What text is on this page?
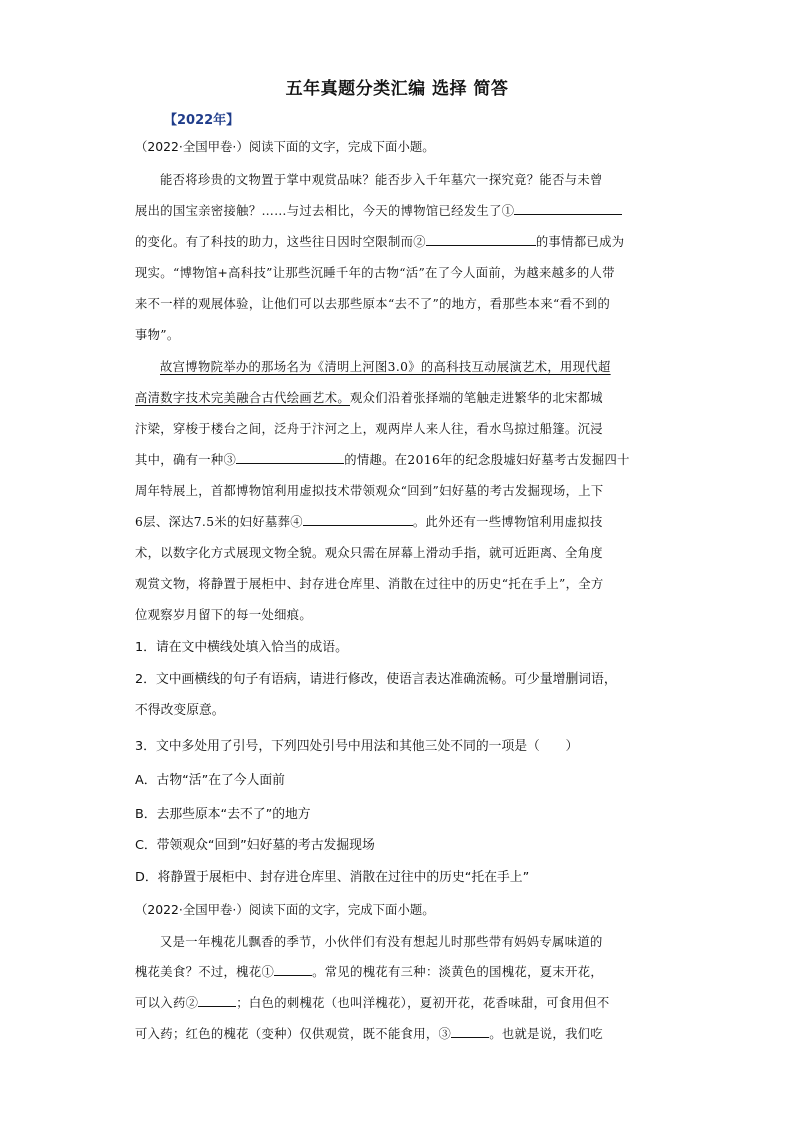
五年真题分类汇编 选择 简答
【2022年】
（2022·全国甲卷·）阅读下面的文字，完成下面小题。
能否将珍贵的文物置于掌中观赏品味？能否步入千年墓穴一探究竟？能否与未曾
展出的国宝亲密接触？……与过去相比，今天的博物馆已经发生了①
的变化。有了科技的助力，这些往日因时空限制而②	的事情都已成为
现实。“博物馆+高科技”让那些沉睡千年的古物“活”在了今人面前，为越来越多的人带
来不一样的观展体验，让他们可以去那些原本“去不了”的地方，看那些本来“看不到的
事物”。
故宫博物院举办的那场名为《清明上河图3.0》的高科技互动展演艺术，用现代超
高清数字技术完美融合古代绘画艺术。观众们沿着张择端的笔触走进繁华的北宋都城
汴梁，穿梭于楼台之间，泛舟于汴河之上，观两岸人来人往，看水鸟掠过船篷。沉浸
其中，确有一种③	的情趣。在2016年的纪念殷墟妇好墓考古发掘四十
周年特展上，首都博物馆利用虚拟技术带领观众“回到”妇好墓的考古发掘现场，上下
6层、深达7.5米的妇好墓葬④	。此外还有一些博物馆利用虚拟技
术，以数字化方式展现文物全貌。观众只需在屏幕上滑动手指，就可近距离、全角度
观赏文物，将静置于展柜中、封存进仓库里、消散在过往中的历史“托在手上”，全方
位观察岁月留下的每一处细痕。
1．请在文中横线处填入恰当的成语。
2．文中画横线的句子有语病，请进行修改，使语言表达准确流畅。可少量增删词语，
不得改变原意。
3．文中多处用了引号，下列四处引号中用法和其他三处不同的一项是（　　）
A．古物“活”在了今人面前
B．去那些原本“去不了”的地方
C．带领观众“回到”妇好墓的考古发掘现场
D．将静置于展柜中、封存进仓库里、消散在过往中的历史“托在手上”
（2022·全国甲卷·）阅读下面的文字，完成下面小题。
又是一年槐花儿飘香的季节，小伙伴们有没有想起儿时那些带有妈妈专属味道的
槐花美食？不过，槐花①	。常见的槐花有三种：淡黄色的国槐花，夏末开花，
可以入药②	；白色的刺槐花（也叫洋槐花），夏初开花，花香味甜，可食用但不
可入药；红色的槐花（变种）仅供观赏，既不能食用，③	。也就是说，我们吃
